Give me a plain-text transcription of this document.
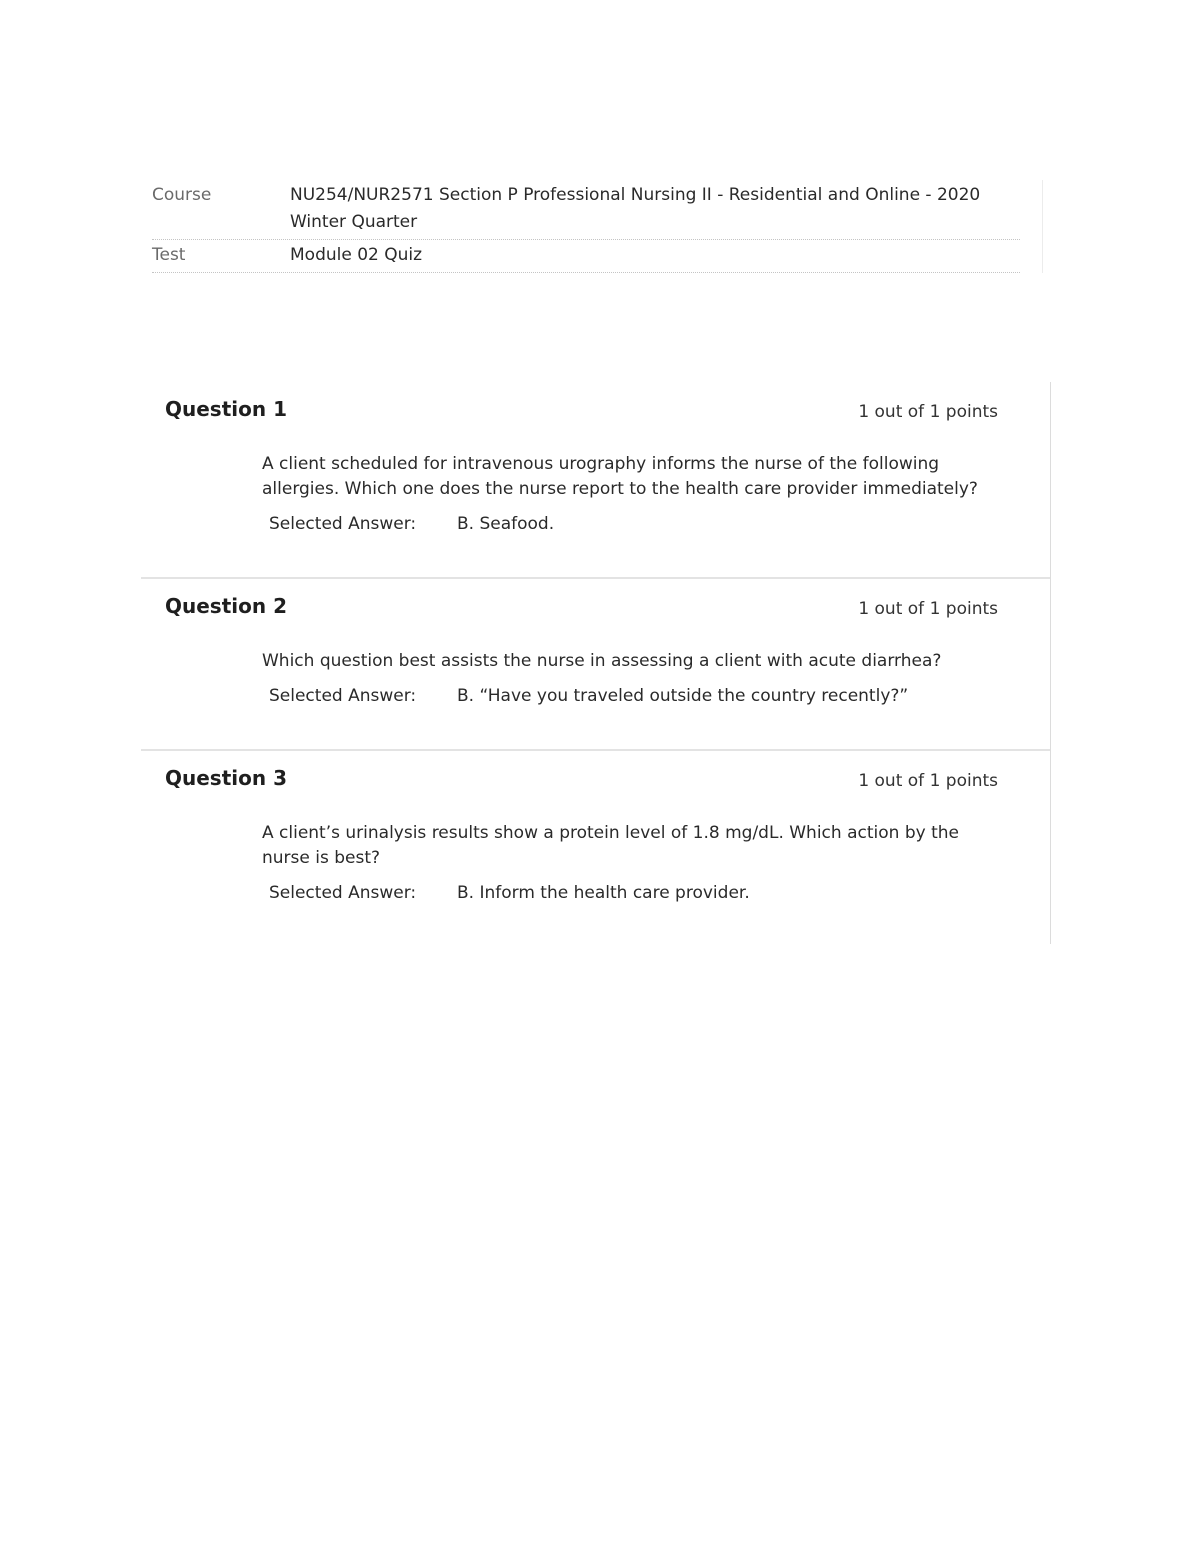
Course	NU254/NUR2571 Section P Professional Nursing II - Residential and Online - 2020 Winter Quarter
Test	Module 02 Quiz
Question 1	1 out of 1 points
A client scheduled for intravenous urography informs the nurse of the following allergies. Which one does the nurse report to the health care provider immediately?
Selected Answer:	B. Seafood.
Question 2	1 out of 1 points
Which question best assists the nurse in assessing a client with acute diarrhea?
Selected Answer:	B. “Have you traveled outside the country recently?”
Question 3	1 out of 1 points
A client’s urinalysis results show a protein level of 1.8 mg/dL. Which action by the nurse is best?
Selected Answer:	B. Inform the health care provider.
